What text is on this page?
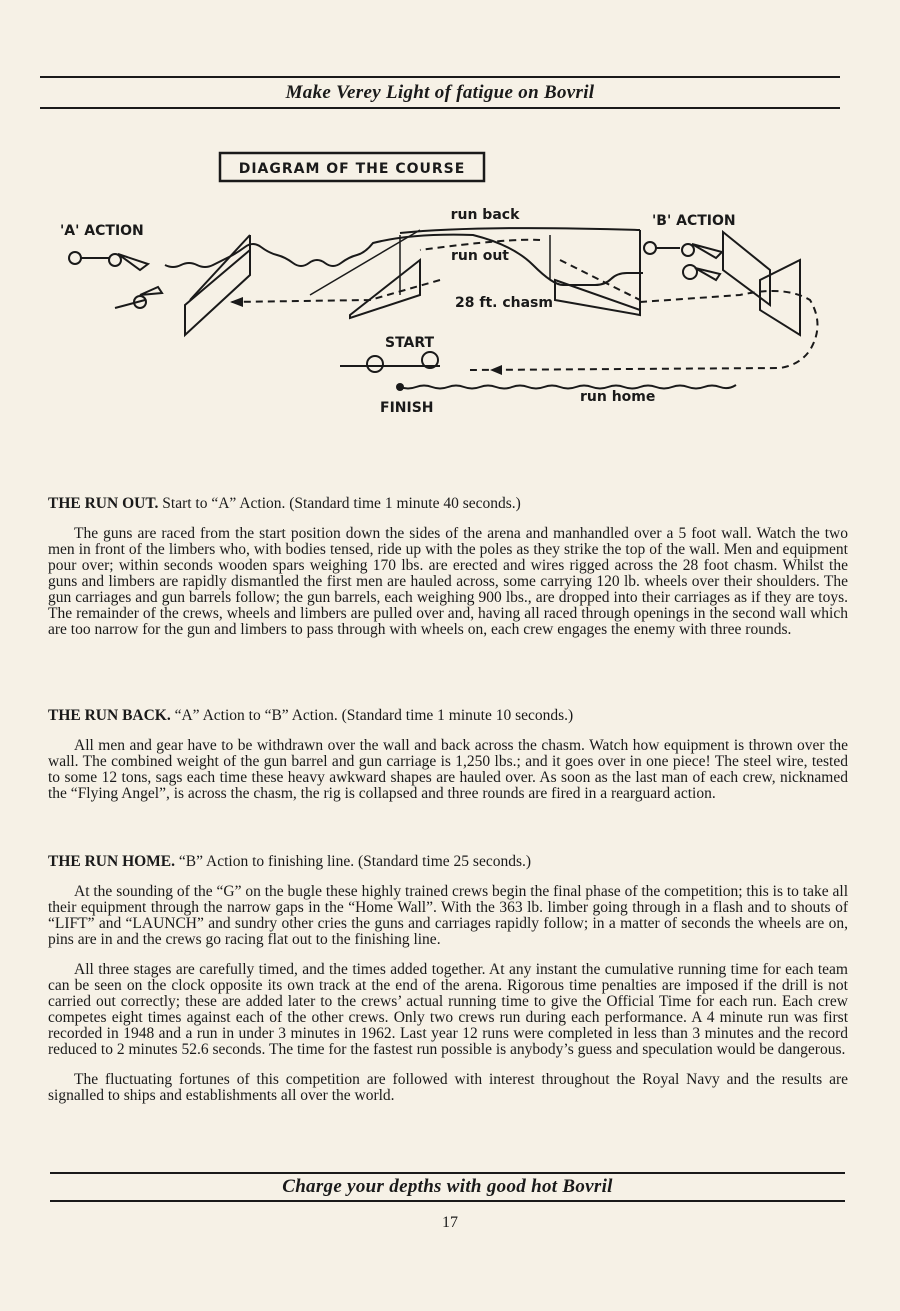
Make Verey Light of fatigue on Bovril
DIAGRAM OF THE COURSE
'A' ACTION
'B' ACTION
run back
run out
28 ft. chasm
START
FINISH
run home

THE RUN OUT. Start to “A” Action. (Standard time 1 minute 40 seconds.)

The guns are raced from the start position down the sides of the arena and manhandled over a 5 foot wall. Watch the two men in front of the limbers who, with bodies tensed, ride up with the poles as they strike the top of the wall. Men and equipment pour over; within seconds wooden spars weighing 170 lbs. are erected and wires rigged across the 28 foot chasm. Whilst the guns and limbers are rapidly dismantled the first men are hauled across, some carrying 120 lb. wheels over their shoulders. The gun carriages and gun barrels follow; the gun barrels, each weighing 900 lbs., are dropped into their carriages as if they are toys. The remainder of the crews, wheels and limbers are pulled over and, having all raced through openings in the second wall which are too narrow for the gun and limbers to pass through with wheels on, each crew engages the enemy with three rounds.

THE RUN BACK. “A” Action to “B” Action. (Standard time 1 minute 10 seconds.)

All men and gear have to be withdrawn over the wall and back across the chasm. Watch how equipment is thrown over the wall. The combined weight of the gun barrel and gun carriage is 1,250 lbs.; and it goes over in one piece! The steel wire, tested to some 12 tons, sags each time these heavy awkward shapes are hauled over. As soon as the last man of each crew, nicknamed the “Flying Angel”, is across the chasm, the rig is collapsed and three rounds are fired in a rearguard action.

THE RUN HOME. “B” Action to finishing line. (Standard time 25 seconds.)

At the sounding of the “G” on the bugle these highly trained crews begin the final phase of the competition; this is to take all their equipment through the narrow gaps in the “Home Wall”. With the 363 lb. limber going through in a flash and to shouts of “LIFT” and “LAUNCH” and sundry other cries the guns and carriages rapidly follow; in a matter of seconds the wheels are on, pins are in and the crews go racing flat out to the finishing line.

All three stages are carefully timed, and the times added together. At any instant the cumulative running time for each team can be seen on the clock opposite its own track at the end of the arena. Rigorous time penalties are imposed if the drill is not carried out correctly; these are added later to the crews’ actual running time to give the Official Time for each run. Each crew competes eight times against each of the other crews. Only two crews run during each performance. A 4 minute run was first recorded in 1948 and a run in under 3 minutes in 1962. Last year 12 runs were completed in less than 3 minutes and the record reduced to 2 minutes 52.6 seconds. The time for the fastest run possible is anybody’s guess and speculation would be dangerous.

The fluctuating fortunes of this competition are followed with interest throughout the Royal Navy and the results are signalled to ships and establishments all over the world.

Charge your depths with good hot Bovril
17
